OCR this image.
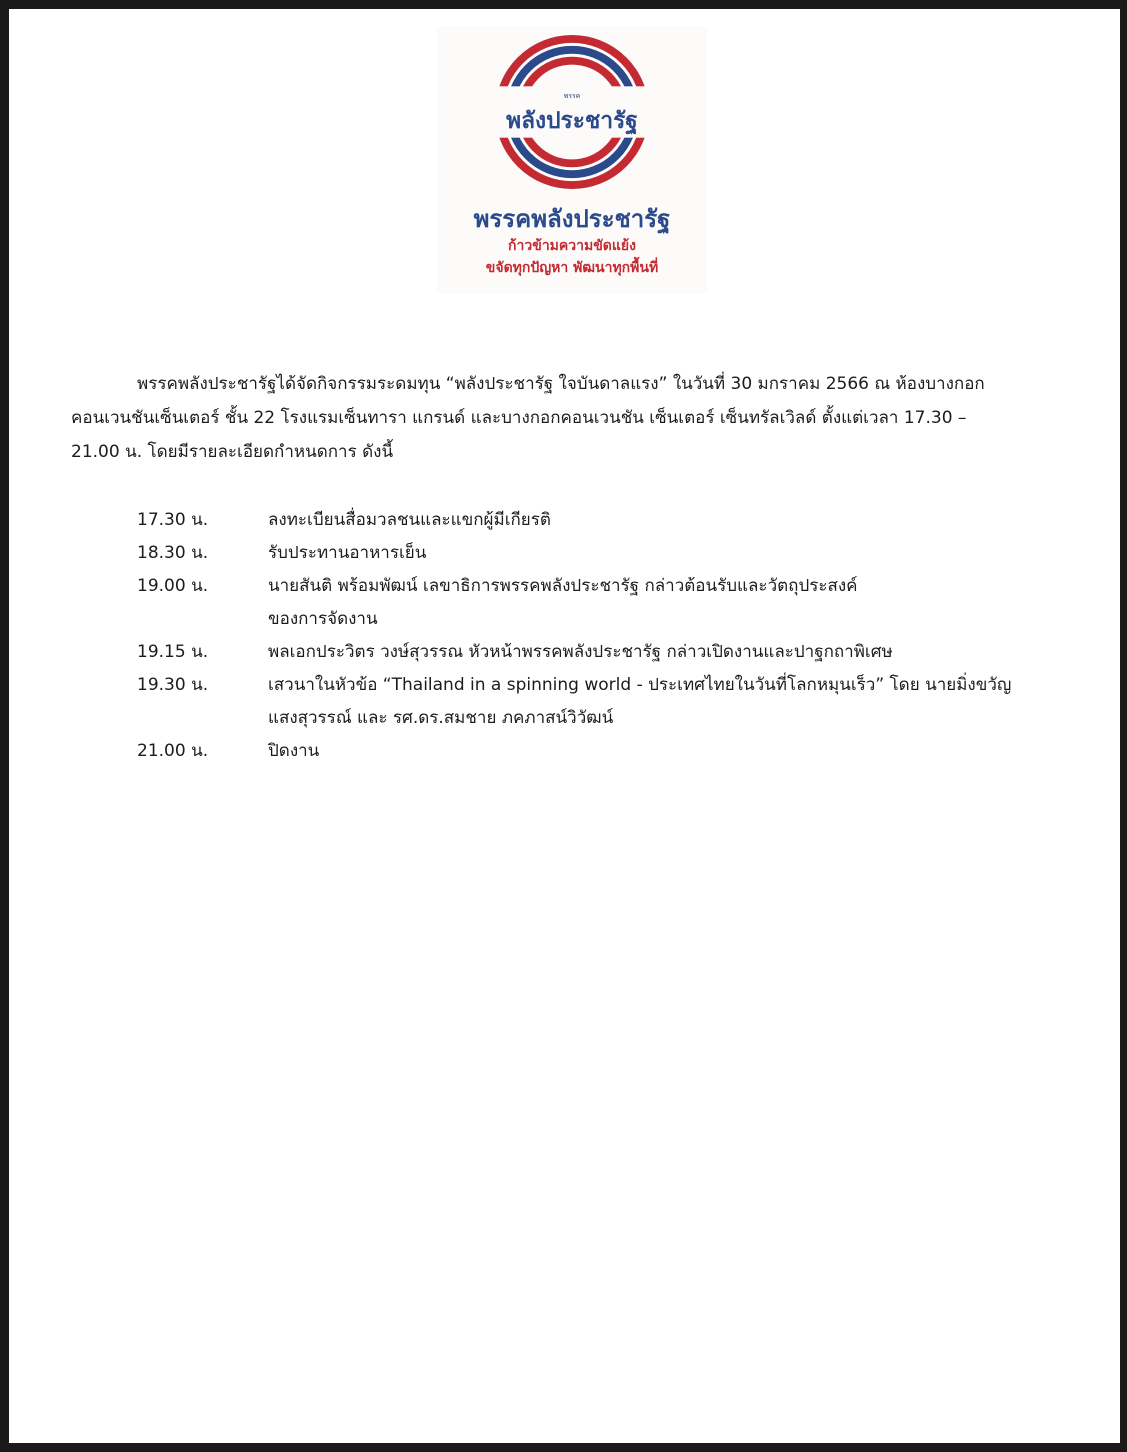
พรรค
พลังประชารัฐ
พรรคพลังประชารัฐ
ก้าวข้ามความขัดแย้ง
ขจัดทุกปัญหา พัฒนาทุกพื้นที่
พรรคพลังประชารัฐได้จัดกิจกรรมระดมทุน “พลังประชารัฐ ใจบันดาลแรง” ในวันที่ 30 มกราคม 2566 ณ ห้องบางกอก
คอนเวนชันเซ็นเตอร์ ชั้น 22 โรงแรมเซ็นทารา แกรนด์ และบางกอกคอนเวนชัน เซ็นเตอร์ เซ็นทรัลเวิลด์ ตั้งแต่เวลา 17.30 –
21.00 น. โดยมีรายละเอียดกำหนดการ ดังนี้
17.30 น.	ลงทะเบียนสื่อมวลชนและแขกผู้มีเกียรติ
18.30 น.	รับประทานอาหารเย็น
19.00 น.	นายสันติ พร้อมพัฒน์ เลขาธิการพรรคพลังประชารัฐ กล่าวต้อนรับและวัตถุประสงค์
ของการจัดงาน
19.15 น.	พลเอกประวิตร วงษ์สุวรรณ หัวหน้าพรรคพลังประชารัฐ กล่าวเปิดงานและปาฐกถาพิเศษ
19.30 น.	เสวนาในหัวข้อ “Thailand in a spinning world - ประเทศไทยในวันที่โลกหมุนเร็ว” โดย นายมิ่งขวัญ
แสงสุวรรณ์ และ รศ.ดร.สมชาย ภคภาสน์วิวัฒน์
21.00 น.	ปิดงาน
